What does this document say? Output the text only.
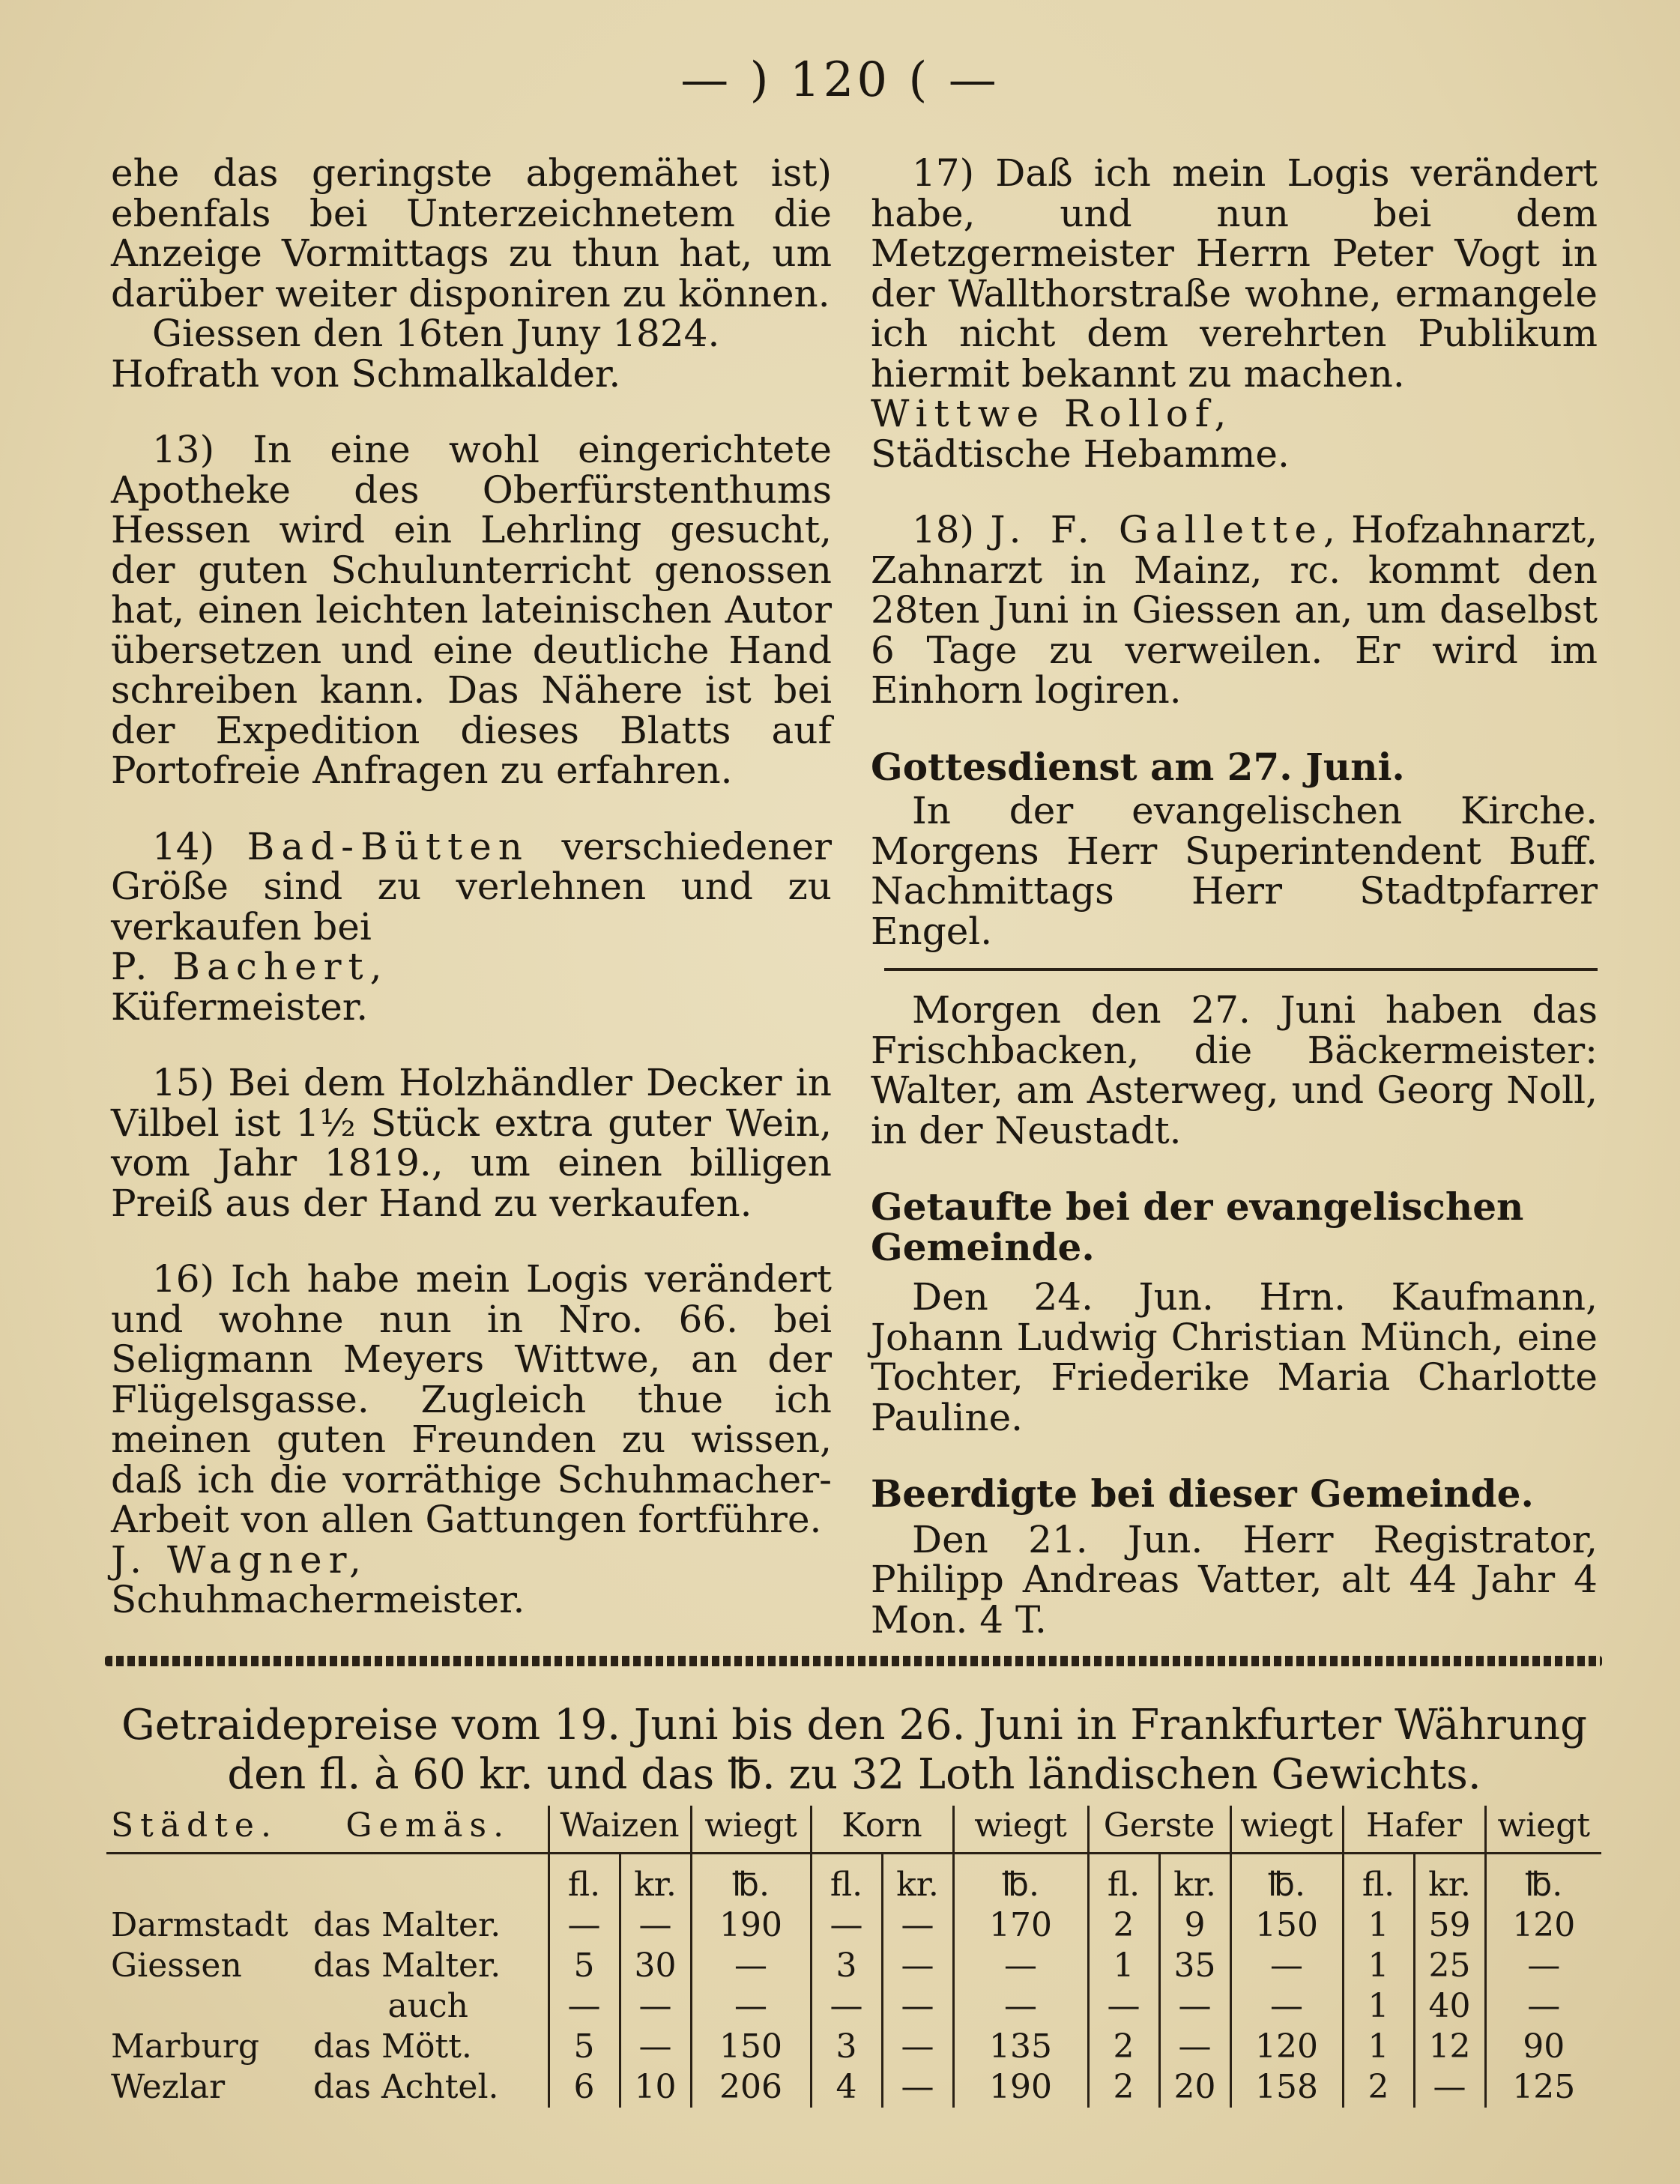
— ) 120 ( —

ehe das geringste abgemähet ist) ebenfals bei Unterzeichnetem die Anzeige Vormittags zu thun hat, um darüber weiter disponiren zu können.

Giessen den 16ten Juny 1824.

Hofrath von Schmalkalder.

13) In eine wohl eingerichtete Apotheke des Oberfürstenthums Hessen wird ein Lehrling gesucht, der guten Schulunterricht genossen hat, einen leichten lateinischen Autor übersetzen und eine deutliche Hand schreiben kann. Das Nähere ist bei der Expedition dieses Blatts auf Portofreie Anfragen zu erfahren.

14) Bad-Bütten verschiedener Größe sind zu verlehnen und zu verkaufen bei

P. Bachert,

Küfermeister.

15) Bei dem Holzhändler Decker in Vilbel ist 1½ Stück extra guter Wein, vom Jahr 1819., um einen billigen Preiß aus der Hand zu verkaufen.

16) Ich habe mein Logis verändert und wohne nun in Nro. 66. bei Seligmann Meyers Wittwe, an der Flügelsgasse. Zugleich thue ich meinen guten Freunden zu wissen, daß ich die vorräthige Schuhmacher-Arbeit von allen Gattungen fortführe.

J. Wagner,

Schuhmachermeister.

17) Daß ich mein Logis verändert habe, und nun bei dem Metzgermeister Herrn Peter Vogt in der Wallthorstraße wohne, ermangele ich nicht dem verehrten Publikum hiermit bekannt zu machen.

Wittwe Rollof,

Städtische Hebamme.

18) J. F. Gallette, Hofzahnarzt, Zahnarzt in Mainz, rc. kommt den 28ten Juni in Giessen an, um daselbst 6 Tage zu verweilen. Er wird im Einhorn logiren.

Gottesdienst am 27. Juni.

In der evangelischen Kirche. Morgens Herr Superintendent Buff. Nachmittags Herr Stadtpfarrer Engel.

Morgen den 27. Juni haben das Frischbacken, die Bäckermeister: Walter, am Asterweg, und Georg Noll, in der Neustadt.

Getaufte bei der evangelischen

Gemeinde.

Den 24. Jun. Hrn. Kaufmann, Johann Ludwig Christian Münch, eine Tochter, Friederike Maria Charlotte Pauline.

Beerdigte bei dieser Gemeinde.

Den 21. Jun. Herr Registrator, Philipp Andreas Vatter, alt 44 Jahr 4 Mon. 4 T.

Getraidepreise vom 19. Juni bis den 26. Juni in Frankfurter Währung
den fl. à 60 kr. und das ℔. zu 32 Loth ländischen Gewichts.
Städte.	Gemäs.	Waizen		wiegt	Korn		wiegt	Gerste		wiegt	Hafer		wiegt
		fl.	kr.	℔.	fl.	kr.	℔.	fl.	kr.	℔.	fl.	kr.	℔.
Darmstadt	das Malter.	—	—	190	—	—	170	2	9	150	1	59	120
Giessen	das Malter.	5	30	—	3	—	—	1	35	—	1	25	—
	auch	—	—	—	—	—	—	—	—	—	1	40	—
Marburg	das Mött.	5	—	150	3	—	135	2	—	120	1	12	90
Wezlar	das Achtel.	6	10	206	4	—	190	2	20	158	2	—	125
